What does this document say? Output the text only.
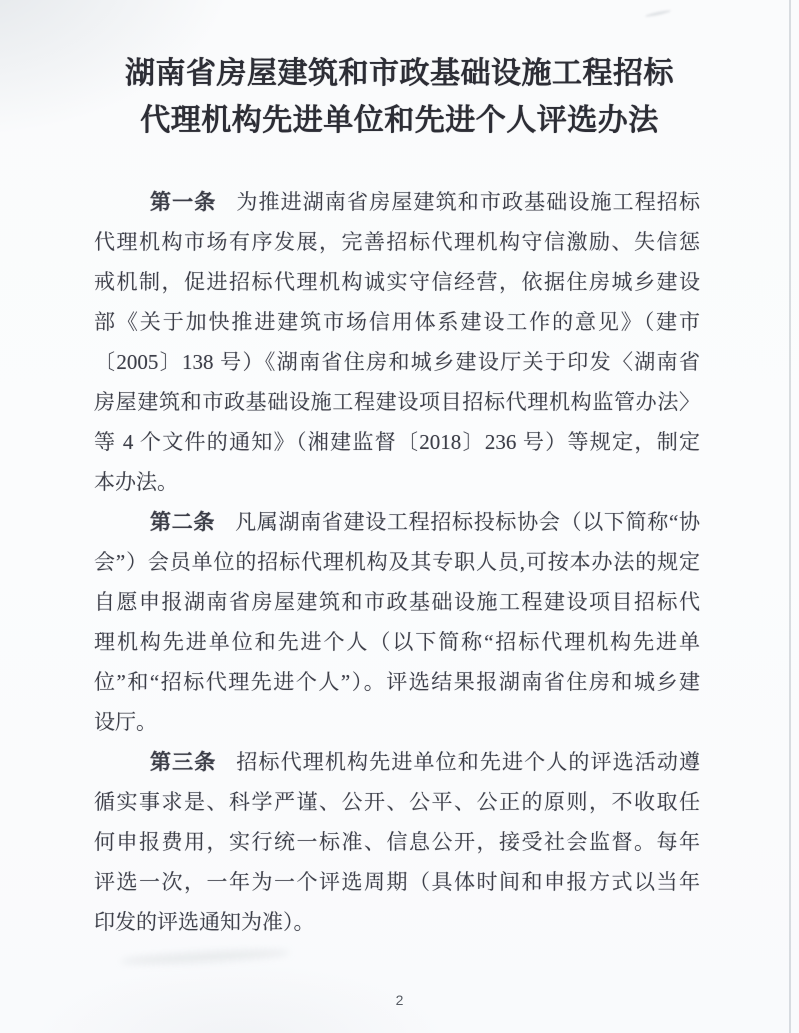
湖南省房屋建筑和市政基础设施工程招标
代理机构先进单位和先进个人评选办法
第一条 为推进湖南省房屋建筑和市政基础设施工程招标
代理机构市场有序发展，完善招标代理机构守信激励、失信惩
戒机制，促进招标代理机构诚实守信经营，依据住房城乡建设
部《关于加快推进建筑市场信用体系建设工作的意见》（建市
〔2005〕138 号）《湖南省住房和城乡建设厅关于印发〈湖南省
房屋建筑和市政基础设施工程建设项目招标代理机构监管办法〉
等 4 个文件的通知》（湘建监督〔2018〕236 号）等规定，制定
本办法。
第二条 凡属湖南省建设工程招标投标协会（以下简称“协
会”）会员单位的招标代理机构及其专职人员,可按本办法的规定
自愿申报湖南省房屋建筑和市政基础设施工程建设项目招标代
理机构先进单位和先进个人（以下简称“招标代理机构先进单
位”和“招标代理先进个人”）。评选结果报湖南省住房和城乡建
设厅。
第三条 招标代理机构先进单位和先进个人的评选活动遵
循实事求是、科学严谨、公开、公平、公正的原则，不收取任
何申报费用，实行统一标准、信息公开，接受社会监督。每年
评选一次，一年为一个评选周期（具体时间和申报方式以当年
印发的评选通知为准）。
2
